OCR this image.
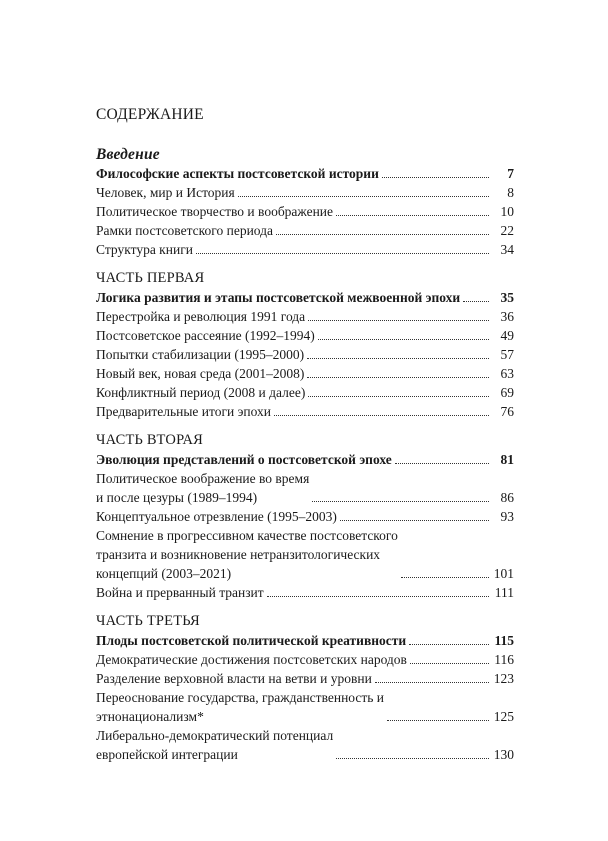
СОДЕРЖАНИЕ
Введение
Философские аспекты постсоветской истории	7
Человек, мир и История	8
Политическое творчество и воображение	10
Рамки постсоветского периода	22
Структура книги	34
ЧАСТЬ ПЕРВАЯ
Логика развития и этапы постсоветской межвоенной эпохи	35
Перестройка и революция 1991 года	36
Постсоветское рассеяние (1992–1994)	49
Попытки стабилизации (1995–2000)	57
Новый век, новая среда (2001–2008)	63
Конфликтный период (2008 и далее)	69
Предварительные итоги эпохи	76
ЧАСТЬ ВТОРАЯ
Эволюция представлений о постсоветской эпохе	81
Политическое воображение во время
и после цезуры (1989–1994)	86
Концептуальное отрезвление (1995–2003)	93
Сомнение в прогрессивном качестве постсоветского
транзита и возникновение нетранзитологических
концепций (2003–2021)	101
Война и прерванный транзит	111
ЧАСТЬ ТРЕТЬЯ
Плоды постсоветской политической креативности	115
Демократические достижения постсоветских народов	116
Разделение верховной власти на ветви и уровни	123
Переоснование государства, гражданственность и
этнонационализм*	125
Либерально-демократический потенциал
европейской интеграции	130
